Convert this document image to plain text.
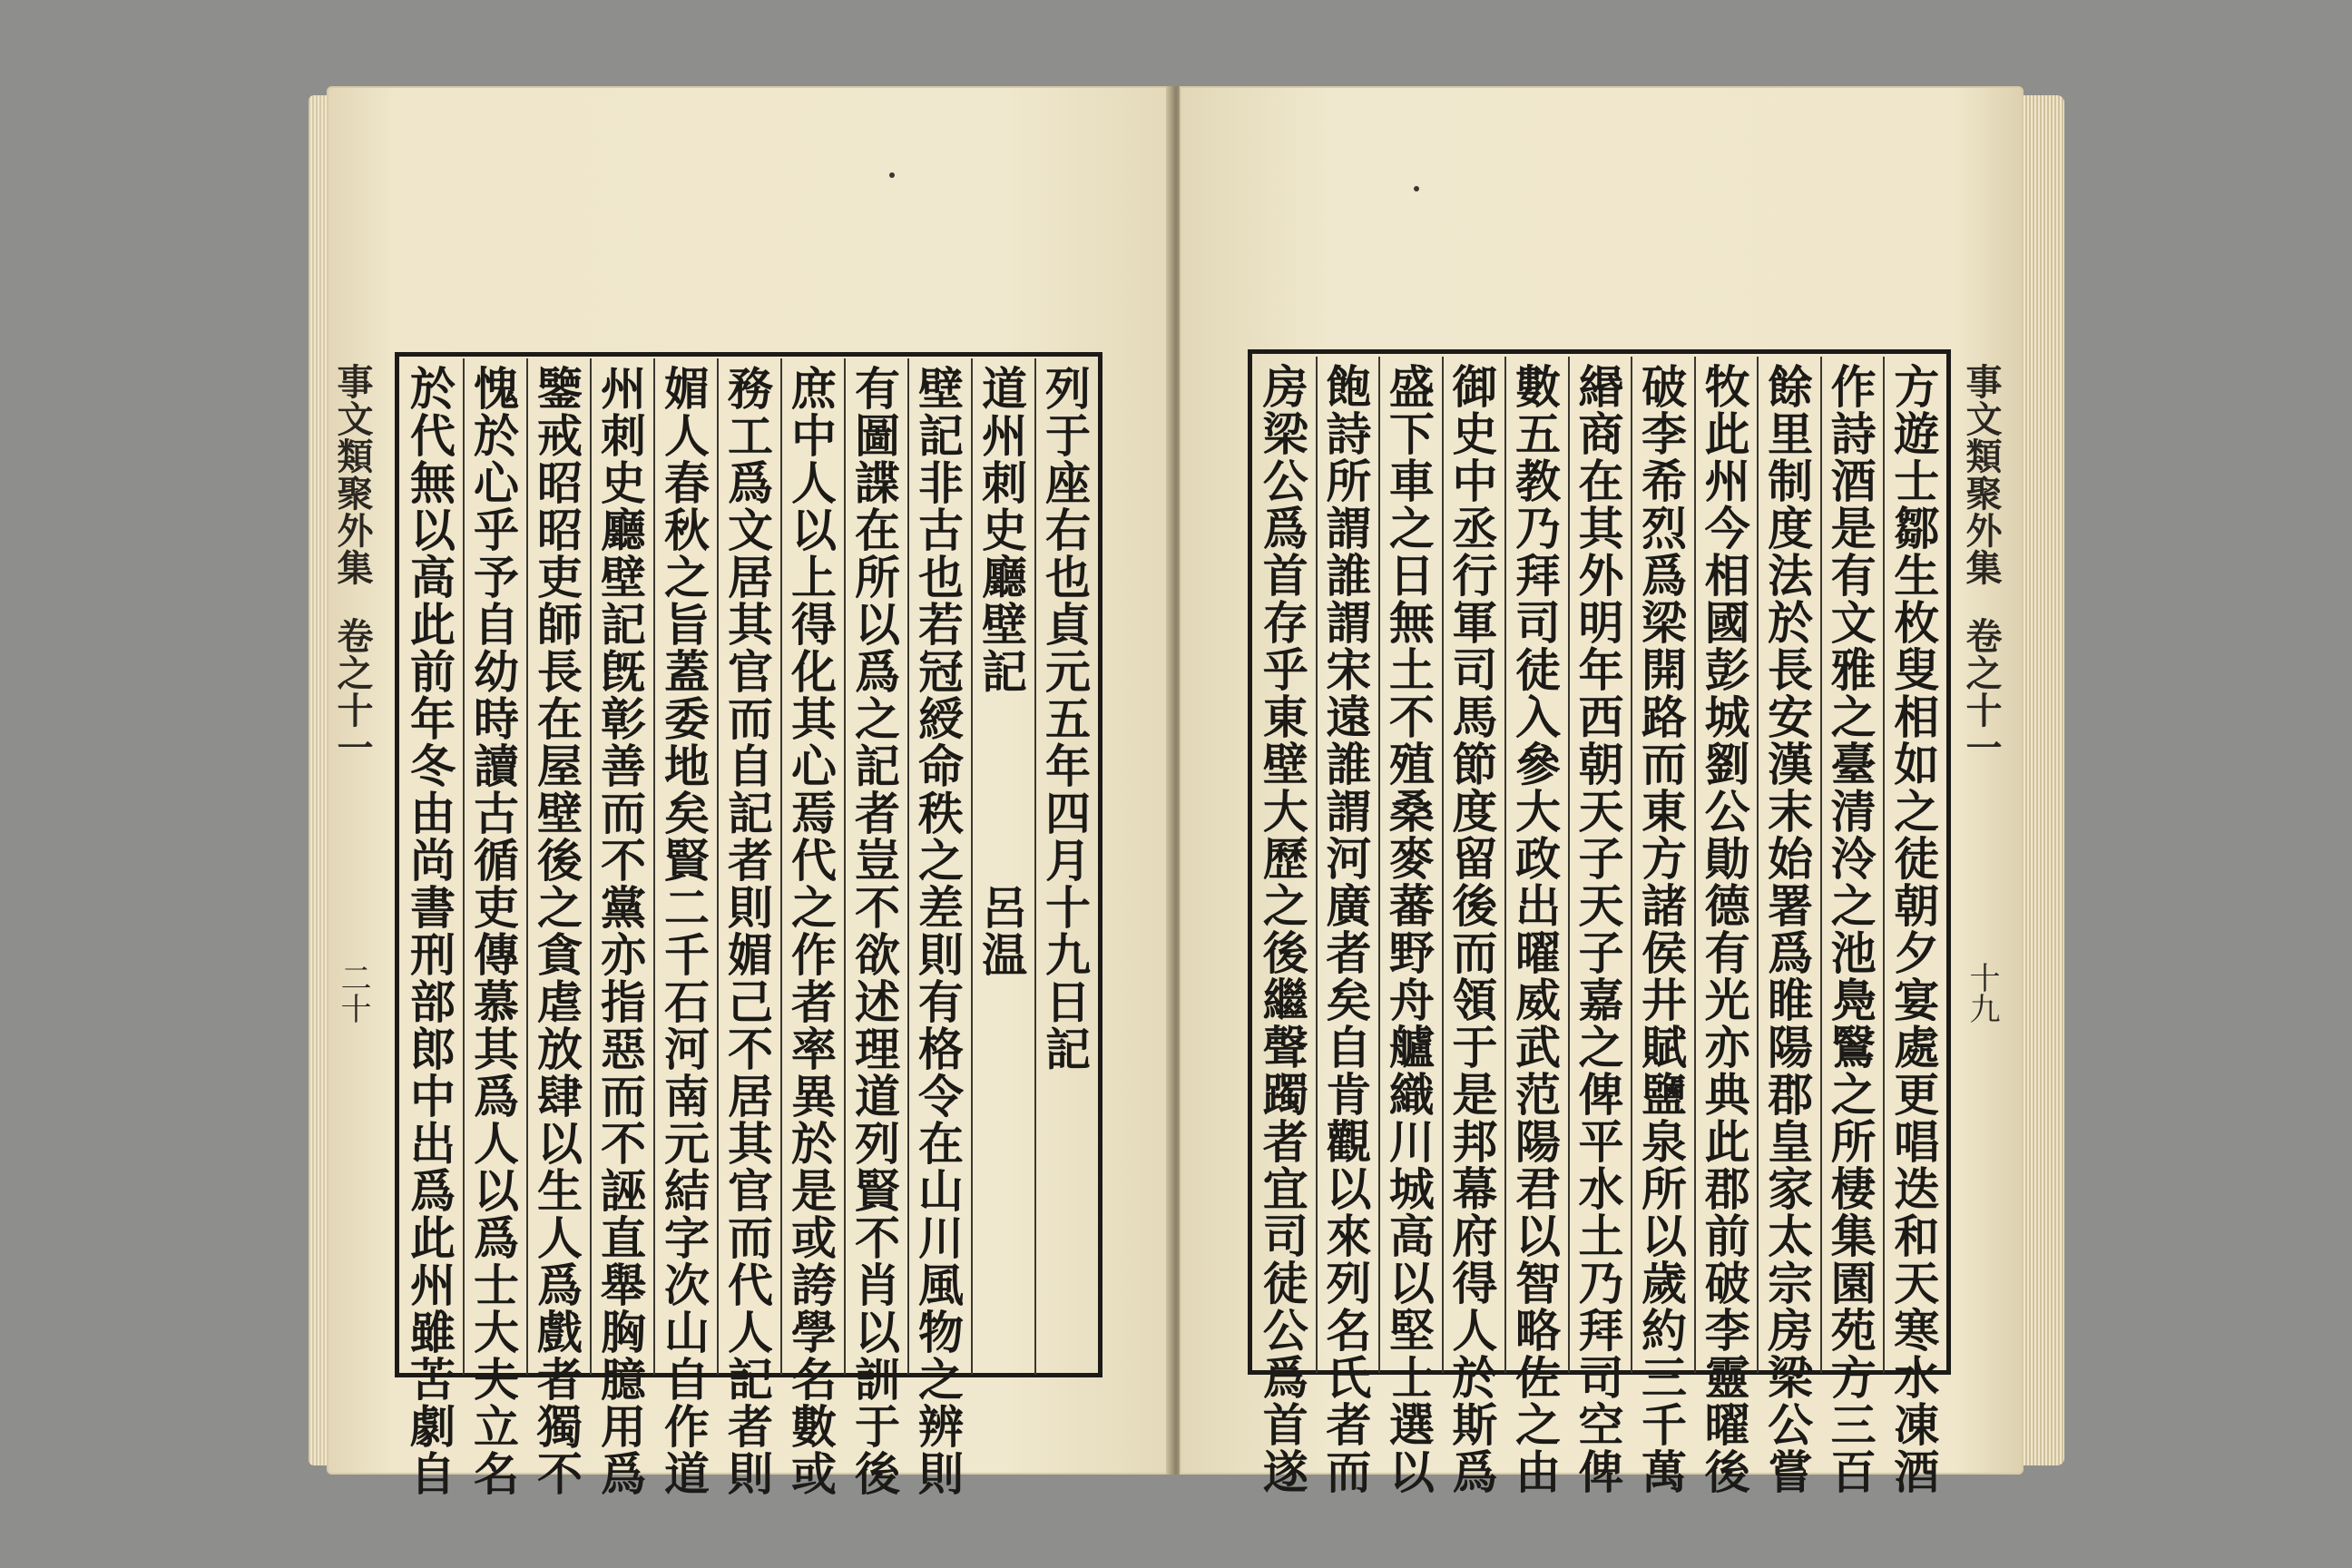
列于座右也貞元五年四月十九日記
道州刺史廳壁記　　　　呂温
壁記非古也若冠綬命秩之差則有格令在山川風物之辨則
有圖諜在所以爲之記者豈不欲述理道列賢不肖以訓于後
庶中人以上得化其心焉代之作者率異於是或誇學名數或
務工爲文居其官而自記者則媚己不居其官而代人記者則
媚人春秋之旨蓋委地矣賢二千石河南元結字次山自作道
州刺史廳壁記旣彰善而不黨亦指惡而不誣直舉胸臆用爲
鑒戒昭昭吏師長在屋壁後之貪虐放肆以生人爲戲者獨不
愧於心乎予自幼時讀古循吏傳慕其爲人以爲士大夫立名
於代無以高此前年冬由尚書刑部郎中出爲此州雖苦劇自
事文類聚外集
卷之十一
二十	方遊士鄒生枚叟相如之徒朝夕宴處更唱迭和天寒水凍酒
作詩酒是有文雅之臺清泠之池鳧鷖之所棲集園苑方三百
餘里制度法於長安漢末始署爲睢陽郡皇家太宗房梁公嘗
牧此州今相國彭城劉公勛德有光亦典此郡前破李靈曜後
破李希烈爲梁開路而東方諸侯井賦鹽泉所以歲約三千萬
緡商在其外明年西朝天子天子嘉之俾平水土乃拜司空俾
數五教乃拜司徒入參大政出曜威武范陽君以智略佐之由
御史中丞行軍司馬節度留後而領于是邦幕府得人於斯爲
盛下車之日無土不殖桑麥蕃野舟艫織川城高以堅士選以
飽詩所謂誰謂宋遠誰謂河廣者矣自肯觀以來列名氏者而
房梁公爲首存乎東壁大歷之後繼聲躅者宜司徒公爲首遂	事文類聚外集
卷之十一
十九
